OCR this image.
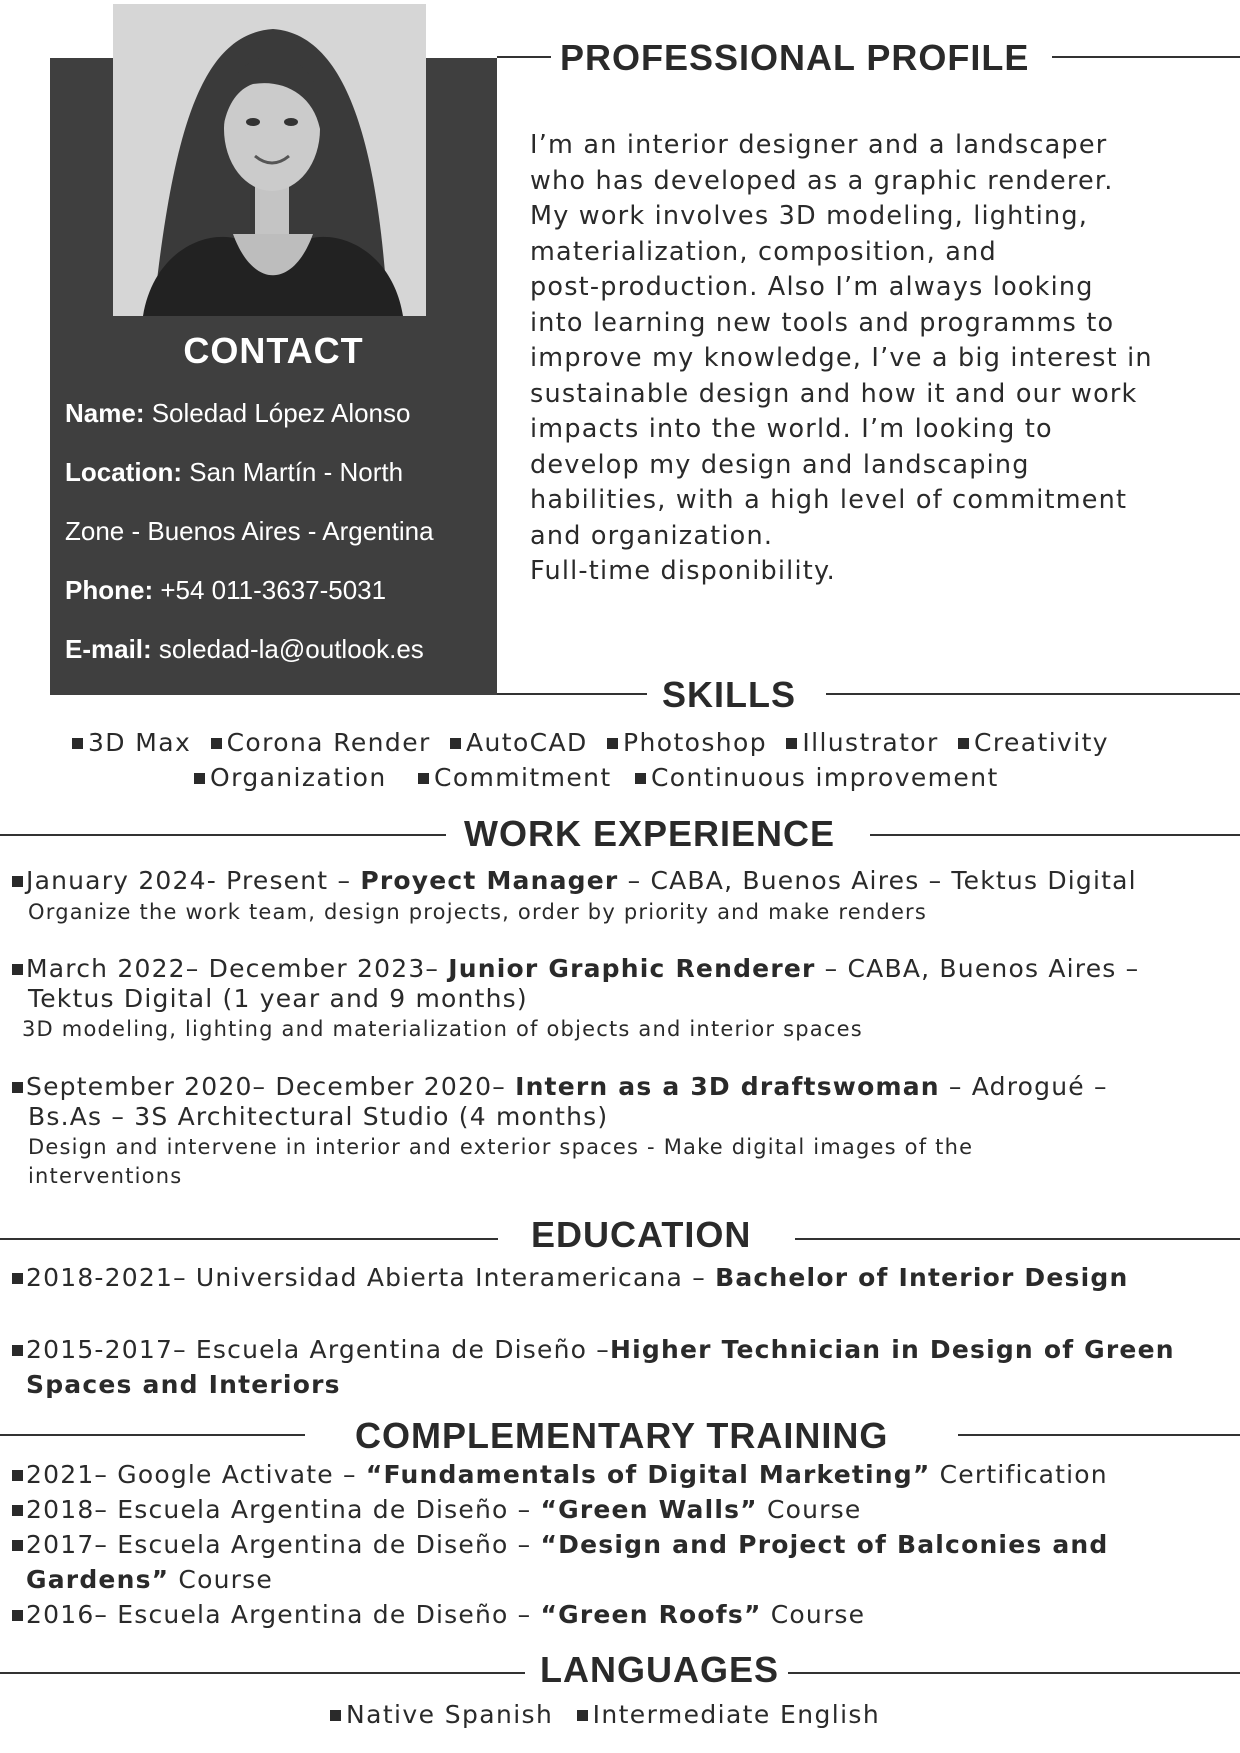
CONTACT
Name: Soledad López Alonso
Location: San Martín - North
Zone - Buenos Aires - Argentina
Phone: +54 011-3637-5031
E-mail: soledad-la@outlook.es
PROFESSIONAL PROFILE
I’m an interior designer and a landscaper
who has developed as a graphic renderer.
My work involves 3D modeling, lighting,
materialization, composition, and
post-production. Also I’m always looking
into learning new tools and programms to
improve my knowledge, I’ve a big interest in
sustainable design and how it and our work
impacts into the world. I’m looking to
develop my design and landscaping
habilities, with a high level of commitment
and organization.
Full-time disponibility.
SKILLS
3D Max Corona Render AutoCAD Photoshop Illustrator Creativity
Organization Commitment Continuous improvement
WORK EXPERIENCE
January 2024- Present – Proyect Manager – CABA, Buenos Aires – Tektus Digital
Organize the work team, design projects, order by priority and make renders
March 2022– December 2023– Junior Graphic Renderer – CABA, Buenos Aires –
Tektus Digital (1 year and 9 months)
3D modeling, lighting and materialization of objects and interior spaces
September 2020– December 2020– Intern as a 3D draftswoman – Adrogué –
Bs.As – 3S Architectural Studio (4 months)
Design and intervene in interior and exterior spaces - Make digital images of the
interventions
EDUCATION
2018-2021– Universidad Abierta Interamericana – Bachelor of Interior Design
2015-2017– Escuela Argentina de Diseño –Higher Technician in Design of Green
Spaces and Interiors
COMPLEMENTARY TRAINING
2021– Google Activate – “Fundamentals of Digital Marketing” Certification
2018– Escuela Argentina de Diseño – “Green Walls” Course
2017– Escuela Argentina de Diseño – “Design and Project of Balconies and
Gardens” Course
2016– Escuela Argentina de Diseño – “Green Roofs” Course
LANGUAGES
Native Spanish Intermediate English
